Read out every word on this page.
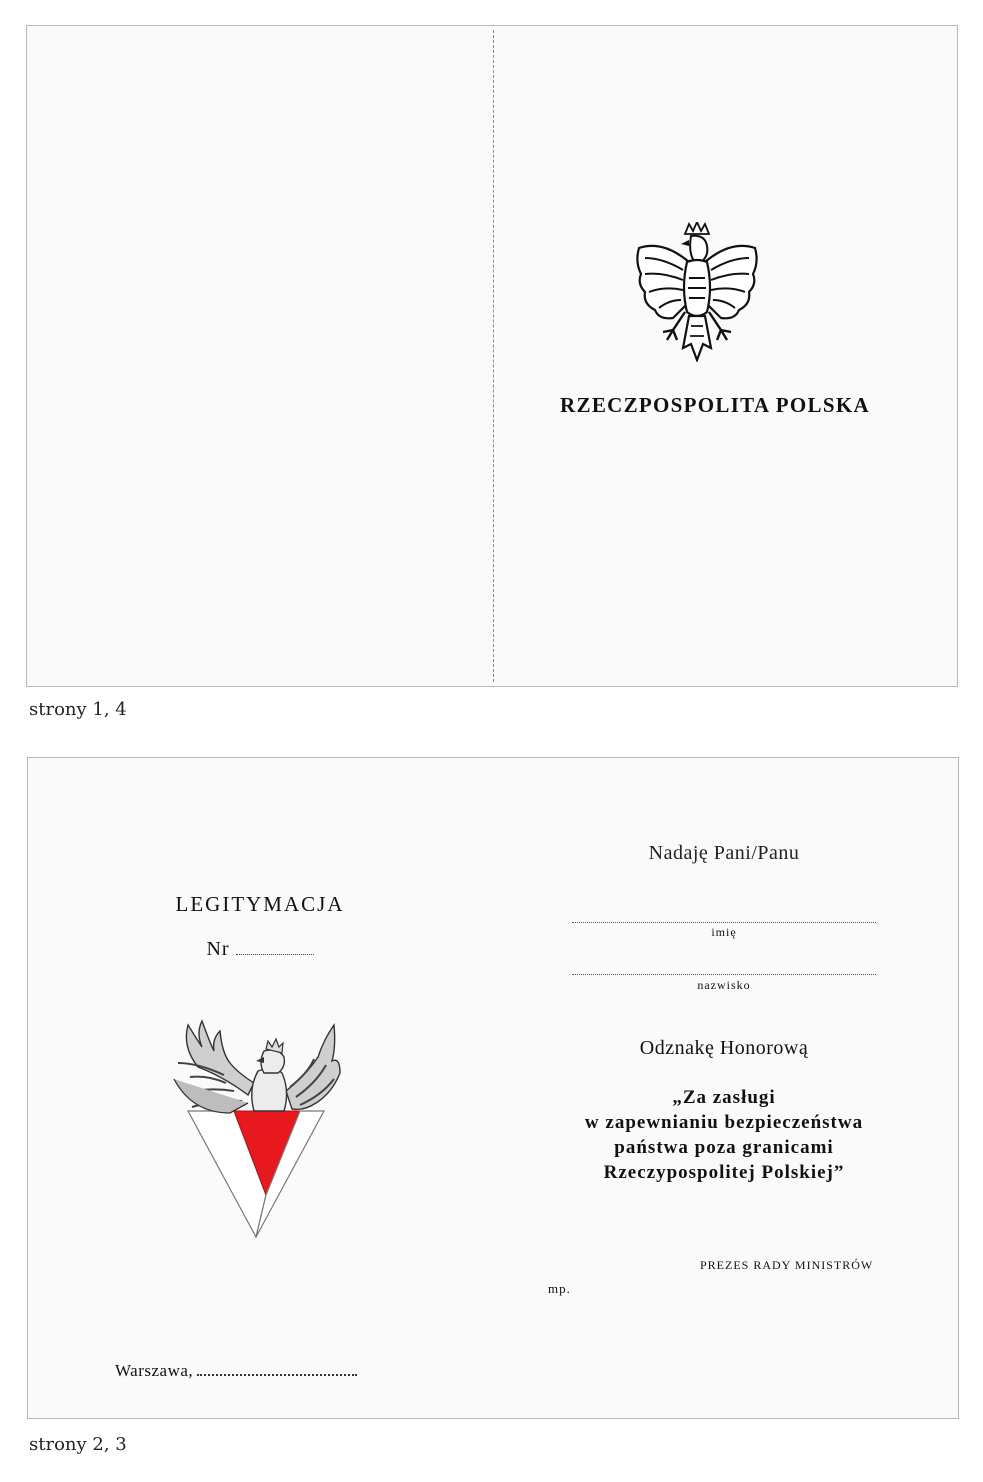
RZECZPOSPOLITA POLSKA
strony 1, 4
LEGITYMACJA
Nr
Warszawa,
Nadaję Pani/Panu
imię
nazwisko
Odznakę Honorową
„Za zasługi
w zapewnianiu bezpieczeństwa
państwa poza granicami
Rzeczypospolitej Polskiej”
PREZES RADY MINISTRÓW
mp.
strony 2, 3
